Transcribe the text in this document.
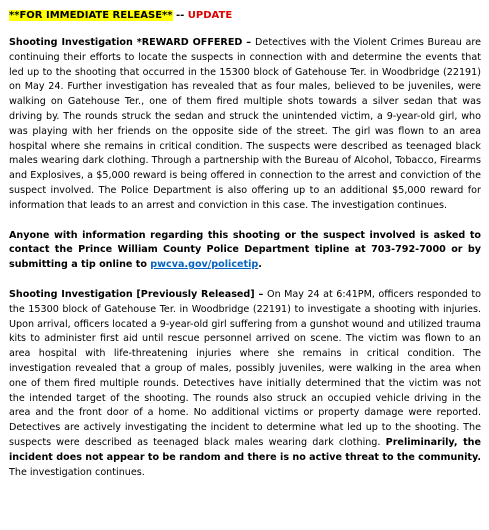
**FOR IMMEDIATE RELEASE** -- UPDATE

Shooting Investigation *REWARD OFFERED – Detectives with the Violent Crimes Bureau are continuing their efforts to locate the suspects in connection with and determine the events that led up to the shooting that occurred in the 15300 block of Gatehouse Ter. in Woodbridge (22191) on May 24. Further investigation has revealed that as four males, believed to be juveniles, were walking on Gatehouse Ter., one of them fired multiple shots towards a silver sedan that was driving by. The rounds struck the sedan and struck the unintended victim, a 9-year-old girl, who was playing with her friends on the opposite side of the street. The girl was flown to an area hospital where she remains in critical condition. The suspects were described as teenaged black males wearing dark clothing. Through a partnership with the Bureau of Alcohol, Tobacco, Firearms and Explosives, a $5,000 reward is being offered in connection to the arrest and conviction of the suspect involved. The Police Department is also offering up to an additional $5,000 reward for information that leads to an arrest and conviction in this case. The investigation continues.

Anyone with information regarding this shooting or the suspect involved is asked to contact the Prince William County Police Department tipline at 703-792-7000 or by submitting a tip online to pwcva.gov/policetip.

Shooting Investigation [Previously Released] – On May 24 at 6:41PM, officers responded to the 15300 block of Gatehouse Ter. in Woodbridge (22191) to investigate a shooting with injuries. Upon arrival, officers located a 9-year-old girl suffering from a gunshot wound and utilized trauma kits to administer first aid until rescue personnel arrived on scene. The victim was flown to an area hospital with life-threatening injuries where she remains in critical condition. The investigation revealed that a group of males, possibly juveniles, were walking in the area when one of them fired multiple rounds. Detectives have initially determined that the victim was not the intended target of the shooting. The rounds also struck an occupied vehicle driving in the area and the front door of a home. No additional victims or property damage were reported. Detectives are actively investigating the incident to determine what led up to the shooting. The suspects were described as teenaged black males wearing dark clothing. Preliminarily, the incident does not appear to be random and there is no active threat to the community. The investigation continues.
